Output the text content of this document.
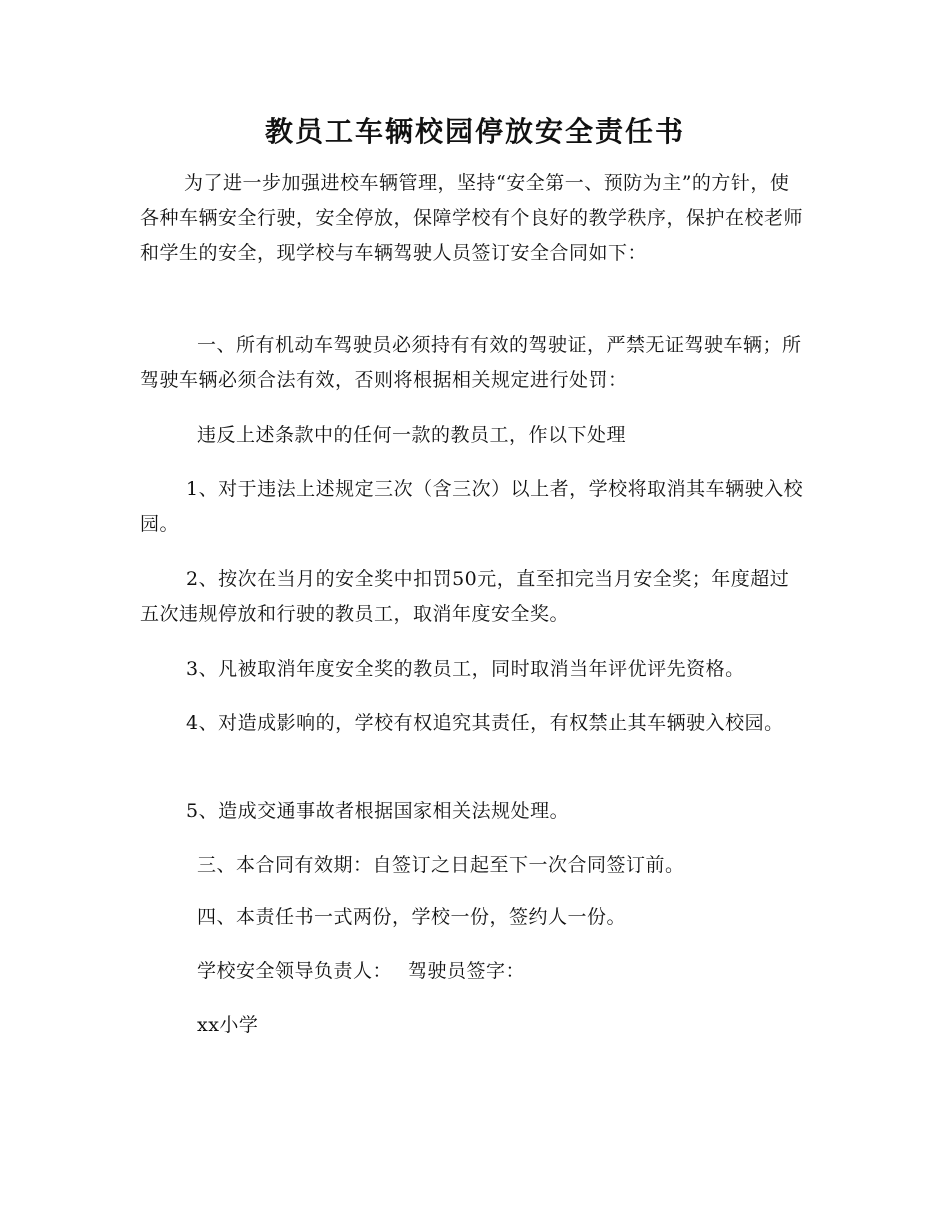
教员工车辆校园停放安全责任书

为了进一步加强进校车辆管理，坚持“安全第一、预防为主”的方针，使各种车辆安全行驶，安全停放，保障学校有个良好的教学秩序，保护在校老师和学生的安全，现学校与车辆驾驶人员签订安全合同如下：

一、所有机动车驾驶员必须持有有效的驾驶证，严禁无证驾驶车辆；所驾驶车辆必须合法有效，否则将根据相关规定进行处罚：

违反上述条款中的任何一款的教员工，作以下处理

1、对于违法上述规定三次（含三次）以上者，学校将取消其车辆驶入校园。

2、按次在当月的安全奖中扣罚50元，直至扣完当月安全奖；年度超过五次违规停放和行驶的教员工，取消年度安全奖。

3、凡被取消年度安全奖的教员工，同时取消当年评优评先资格。

4、对造成影响的，学校有权追究其责任，有权禁止其车辆驶入校园。

5、造成交通事故者根据国家相关法规处理。

三、本合同有效期：自签订之日起至下一次合同签订前。

四、本责任书一式两份，学校一份，签约人一份。

学校安全领导负责人： 驾驶员签字：

xx小学
